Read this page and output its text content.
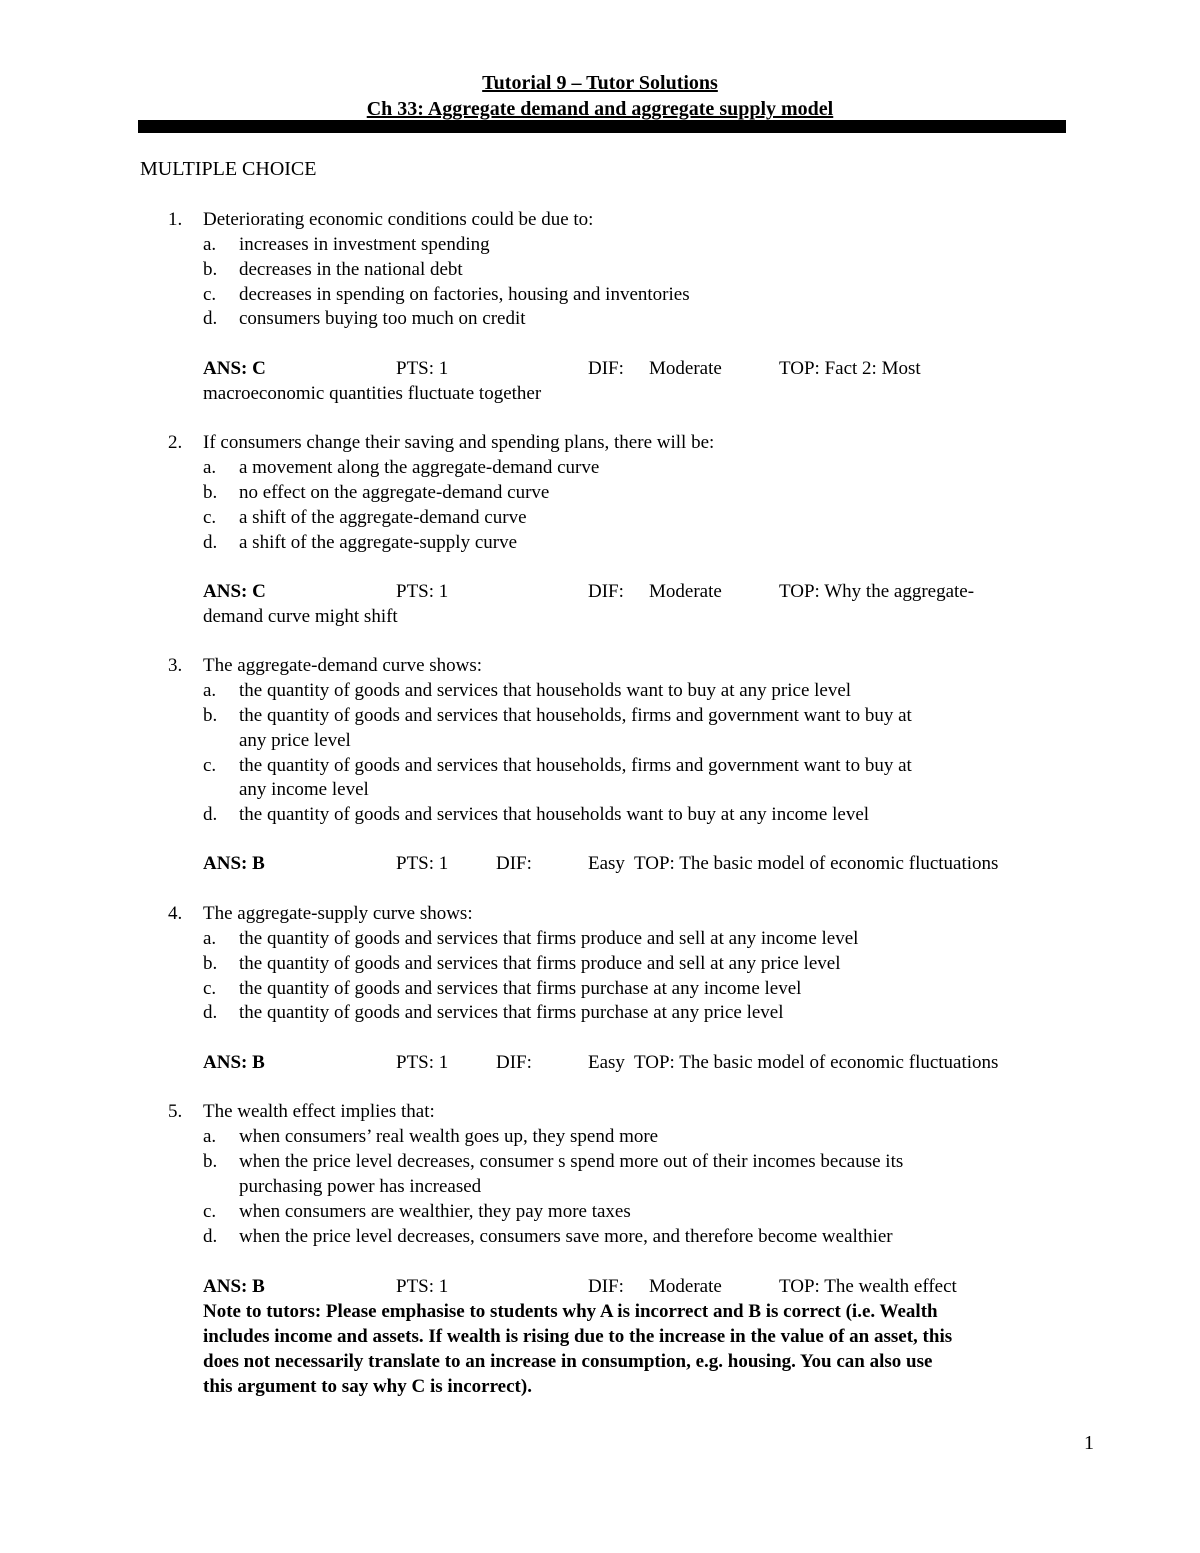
Tutorial 9 – Tutor Solutions
Ch 33: Aggregate demand and aggregate supply model
MULTIPLE CHOICE
1. Deteriorating economic conditions could be due to:
a. increases in investment spending
b. decreases in the national debt
c. decreases in spending on factories, housing and inventories
d. consumers buying too much on credit
ANS: C	PTS: 1	DIF: Moderate	TOP: Fact 2: Most
macroeconomic quantities fluctuate together
2. If consumers change their saving and spending plans, there will be:
a. a movement along the aggregate-demand curve
b. no effect on the aggregate-demand curve
c. a shift of the aggregate-demand curve
d. a shift of the aggregate-supply curve
ANS: C	PTS: 1	DIF: Moderate	TOP: Why the aggregate-
demand curve might shift
3. The aggregate-demand curve shows:
a. the quantity of goods and services that households want to buy at any price level
b. the quantity of goods and services that households, firms and government want to buy at
any price level
c. the quantity of goods and services that households, firms and government want to buy at
any income level
d. the quantity of goods and services that households want to buy at any income level
ANS: B	PTS: 1	DIF:	Easy TOP: The basic model of economic fluctuations
4. The aggregate-supply curve shows:
a. the quantity of goods and services that firms produce and sell at any income level
b. the quantity of goods and services that firms produce and sell at any price level
c. the quantity of goods and services that firms purchase at any income level
d. the quantity of goods and services that firms purchase at any price level
ANS: B	PTS: 1	DIF:	Easy TOP: The basic model of economic fluctuations
5. The wealth effect implies that:
a. when consumers’ real wealth goes up, they spend more
b. when the price level decreases, consumer s spend more out of their incomes because its
purchasing power has increased
c. when consumers are wealthier, they pay more taxes
d. when the price level decreases, consumers save more, and therefore become wealthier
ANS: B	PTS: 1	DIF: Moderate	TOP: The wealth effect
Note to tutors: Please emphasise to students why A is incorrect and B is correct (i.e. Wealth
includes income and assets. If wealth is rising due to the increase in the value of an asset, this
does not necessarily translate to an increase in consumption, e.g. housing. You can also use
this argument to say why C is incorrect).
1
